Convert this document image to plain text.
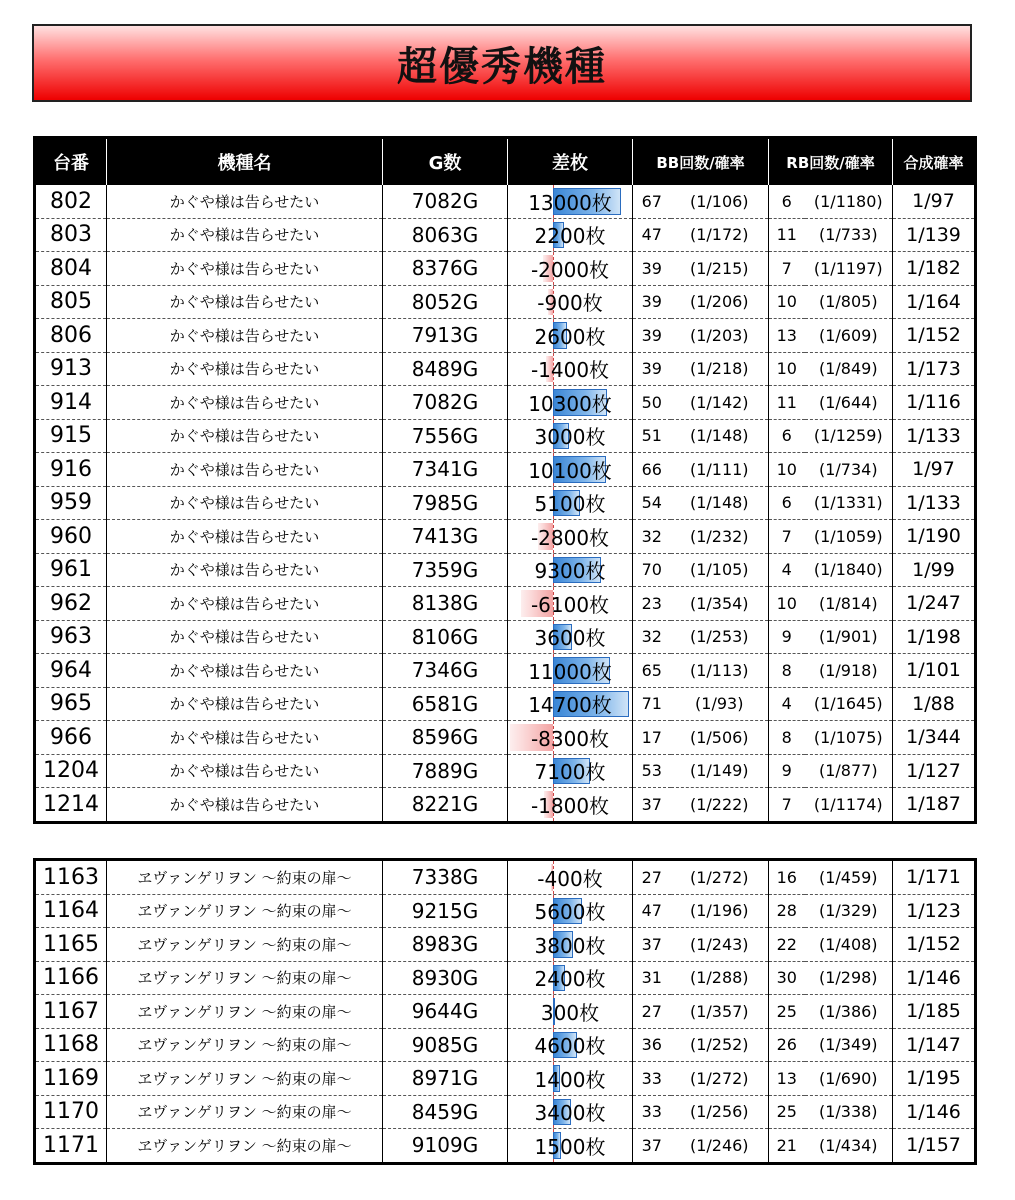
超優秀機種
台番	機種名	G数	差枚	BB回数/確率		RB回数/確率		合成確率
802	かぐや様は告らせたい	7082G	13000枚	67	(1/106)	6	(1/1180)	1/97
803	かぐや様は告らせたい	8063G	2200枚	47	(1/172)	11	(1/733)	1/139
804	かぐや様は告らせたい	8376G	-2000枚	39	(1/215)	7	(1/1197)	1/182
805	かぐや様は告らせたい	8052G	-900枚	39	(1/206)	10	(1/805)	1/164
806	かぐや様は告らせたい	7913G	2600枚	39	(1/203)	13	(1/609)	1/152
913	かぐや様は告らせたい	8489G	-1400枚	39	(1/218)	10	(1/849)	1/173
914	かぐや様は告らせたい	7082G	10300枚	50	(1/142)	11	(1/644)	1/116
915	かぐや様は告らせたい	7556G	3000枚	51	(1/148)	6	(1/1259)	1/133
916	かぐや様は告らせたい	7341G	10100枚	66	(1/111)	10	(1/734)	1/97
959	かぐや様は告らせたい	7985G	5100枚	54	(1/148)	6	(1/1331)	1/133
960	かぐや様は告らせたい	7413G	-2800枚	32	(1/232)	7	(1/1059)	1/190
961	かぐや様は告らせたい	7359G	9300枚	70	(1/105)	4	(1/1840)	1/99
962	かぐや様は告らせたい	8138G	-6100枚	23	(1/354)	10	(1/814)	1/247
963	かぐや様は告らせたい	8106G	3600枚	32	(1/253)	9	(1/901)	1/198
964	かぐや様は告らせたい	7346G	11000枚	65	(1/113)	8	(1/918)	1/101
965	かぐや様は告らせたい	6581G	14700枚	71	(1/93)	4	(1/1645)	1/88
966	かぐや様は告らせたい	8596G	-8300枚	17	(1/506)	8	(1/1075)	1/344
1204	かぐや様は告らせたい	7889G	7100枚	53	(1/149)	9	(1/877)	1/127
1214	かぐや様は告らせたい	8221G	-1800枚	37	(1/222)	7	(1/1174)	1/187
1163	ヱヴァンゲリヲン ～約束の扉～	7338G	-400枚	27	(1/272)	16	(1/459)	1/171
1164	ヱヴァンゲリヲン ～約束の扉～	9215G	5600枚	47	(1/196)	28	(1/329)	1/123
1165	ヱヴァンゲリヲン ～約束の扉～	8983G	3800枚	37	(1/243)	22	(1/408)	1/152
1166	ヱヴァンゲリヲン ～約束の扉～	8930G	2400枚	31	(1/288)	30	(1/298)	1/146
1167	ヱヴァンゲリヲン ～約束の扉～	9644G	300枚	27	(1/357)	25	(1/386)	1/185
1168	ヱヴァンゲリヲン ～約束の扉～	9085G	4600枚	36	(1/252)	26	(1/349)	1/147
1169	ヱヴァンゲリヲン ～約束の扉～	8971G	1400枚	33	(1/272)	13	(1/690)	1/195
1170	ヱヴァンゲリヲン ～約束の扉～	8459G	3400枚	33	(1/256)	25	(1/338)	1/146
1171	ヱヴァンゲリヲン ～約束の扉～	9109G	1500枚	37	(1/246)	21	(1/434)	1/157
